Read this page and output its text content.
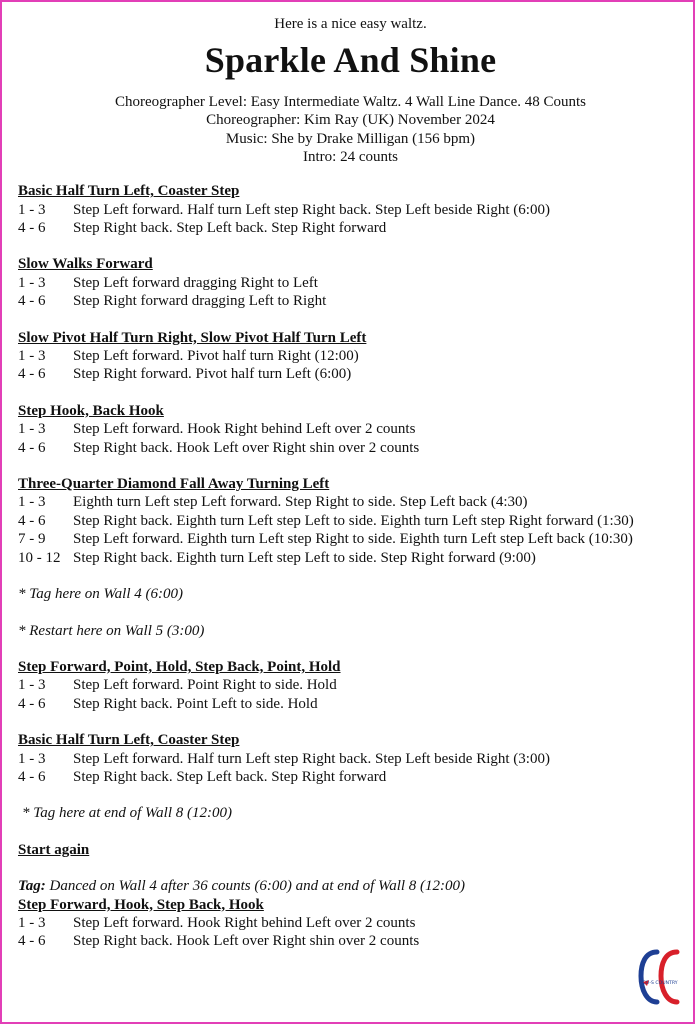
Here is a nice easy waltz.
Sparkle And Shine
Choreographer Level: Easy Intermediate Waltz. 4 Wall Line Dance. 48 Counts
Choreographer: Kim Ray (UK) November 2024
Music: She by Drake Milligan (156 bpm)
Intro: 24 counts
Basic Half Turn Left, Coaster Step
1 - 3	Step Left forward. Half turn Left step Right back. Step Left beside Right (6:00)
4 - 6	Step Right back. Step Left back. Step Right forward
Slow Walks Forward
1 - 3	Step Left forward dragging Right to Left
4 - 6	Step Right forward dragging Left to Right
Slow Pivot Half Turn Right, Slow Pivot Half Turn Left
1 - 3	Step Left forward. Pivot half turn Right (12:00)
4 - 6	Step Right forward. Pivot half turn Left (6:00)
Step Hook, Back Hook
1 - 3	Step Left forward. Hook Right behind Left over 2 counts
4 - 6	Step Right back. Hook Left over Right shin over 2 counts
Three-Quarter Diamond Fall Away Turning Left
1 - 3	Eighth turn Left step Left forward. Step Right to side. Step Left back (4:30)
4 - 6	Step Right back. Eighth turn Left step Left to side. Eighth turn Left step Right forward (1:30)
7 - 9	Step Left forward. Eighth turn Left step Right to side. Eighth turn Left step Left back (10:30)
10 - 12 Step Right back. Eighth turn Left step Left to side. Step Right forward (9:00)
* Tag here on Wall 4 (6:00)
* Restart here on Wall 5 (3:00)
Step Forward, Point, Hold, Step Back, Point, Hold
1 - 3	Step Left forward. Point Right to side. Hold
4 - 6	Step Right back. Point Left to side. Hold
Basic Half Turn Left, Coaster Step
1 - 3	Step Left forward. Half turn Left step Right back. Step Left beside Right (3:00)
4 - 6	Step Right back. Step Left back. Step Right forward
* Tag here at end of Wall 8 (12:00)
Start again
Tag: Danced on Wall 4 after 36 counts (6:00) and at end of Wall 8 (12:00)
Step Forward, Hook, Step Back, Hook
1 - 3	Step Left forward. Hook Right behind Left over 2 counts
4 - 6	Step Right back. Hook Left over Right shin over 2 counts
CO-S COUNTRY
